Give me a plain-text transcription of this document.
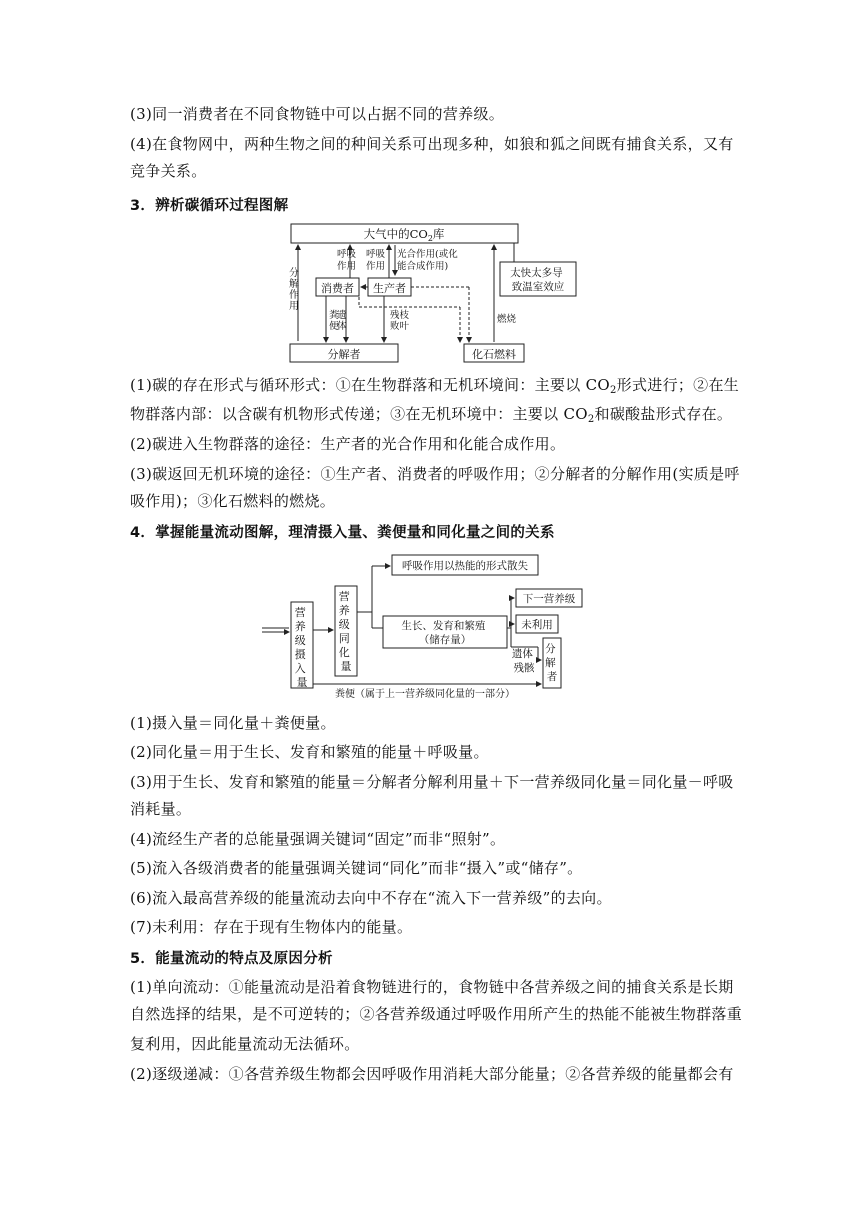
(3)同一消费者在不同食物链中可以占据不同的营养级。
(4)在食物网中，两种生物之间的种间关系可出现多种，如狼和狐之间既有捕食关系，又有
竞争关系。
3．辨析碳循环过程图解
大气中的$CO_2$库
分 解 作 用
呼吸 作用
呼吸 作用
光合作用(或化 能合成作用)
消费者 生产者
太快太多导 致温室效应
燃烧
粪 便
遗 体
残枝 败叶
分解者	化石燃料
(1)碳的存在形式与循环形式：①在生物群落和无机环境间：主要以 $CO_2$形式进行；②在生
物群落内部：以含碳有机物形式传递；③在无机环境中：主要以 $CO_2$和碳酸盐形式存在。
(2)碳进入生物群落的途径：生产者的光合作用和化能合成作用。
(3)碳返回无机环境的途径：①生产者、消费者的呼吸作用；②分解者的分解作用(实质是呼
吸作用)；③化石燃料的燃烧。
4．掌握能量流动图解，理清摄入量、粪便量和同化量之间的关系
营 养 级 摄 入 量
营 养 级 同 化 量
呼吸作用以热能的形式散失
生长、发育和繁殖 （储存量）
下一营养级
未利用
遗体 残骸
分 解 者
粪便（属于上一营养级同化量的一部分）
(1)摄入量＝同化量＋粪便量。
(2)同化量＝用于生长、发育和繁殖的能量＋呼吸量。
(3)用于生长、发育和繁殖的能量＝分解者分解利用量＋下一营养级同化量＝同化量－呼吸
消耗量。
(4)流经生产者的总能量强调关键词“固定”而非“照射”。
(5)流入各级消费者的能量强调关键词“同化”而非“摄入”或“储存”。
(6)流入最高营养级的能量流动去向中不存在“流入下一营养级”的去向。
(7)未利用：存在于现有生物体内的能量。
5．能量流动的特点及原因分析
(1)单向流动：①能量流动是沿着食物链进行的，食物链中各营养级之间的捕食关系是长期
自然选择的结果，是不可逆转的；②各营养级通过呼吸作用所产生的热能不能被生物群落重
复利用，因此能量流动无法循环。
(2)逐级递减：①各营养级生物都会因呼吸作用消耗大部分能量；②各营养级的能量都会有
